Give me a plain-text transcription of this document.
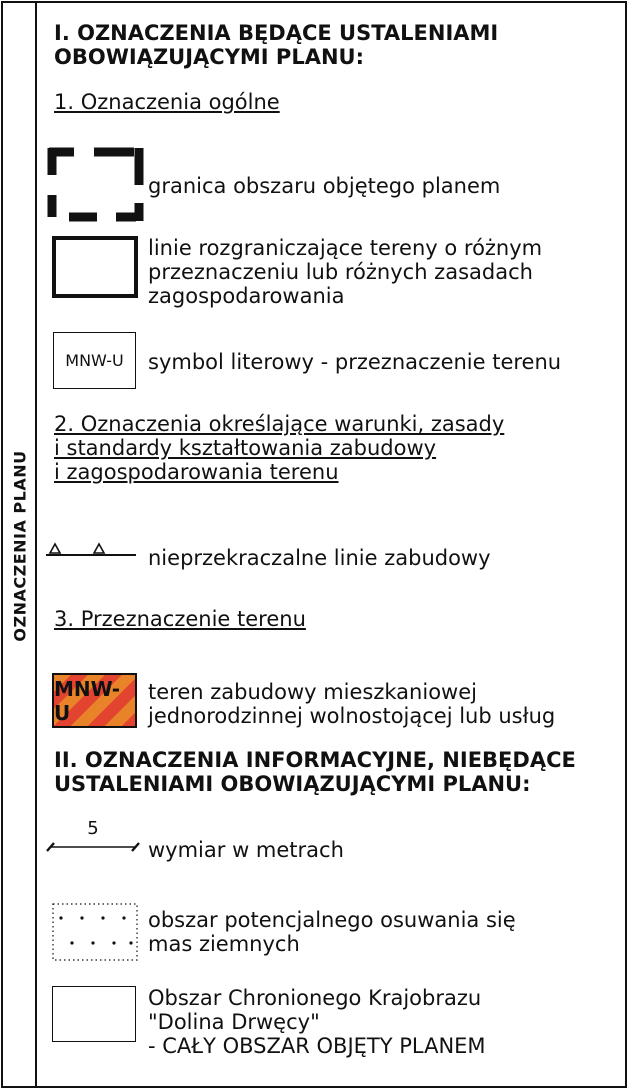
OZNACZENIA PLANU
I. OZNACZENIA BĘDĄCE USTALENIAMI
OBOWIĄZUJĄCYMI PLANU:
1. Oznaczenia ogólne
granica obszaru objętego planem
linie rozgraniczające tereny o różnym
przeznaczeniu lub różnych zasadach
zagospodarowania
MNW-U symbol literowy - przeznaczenie terenu
2. Oznaczenia określające warunki, zasady
i standardy kształtowania zabudowy
i zagospodarowania terenu
nieprzekraczalne linie zabudowy
3. Przeznaczenie terenu
MNW-U
teren zabudowy mieszkaniowej
jednorodzinnej wolnostojącej lub usług
II. OZNACZENIA INFORMACYJNE, NIEBĘDĄCE
USTALENIAMI OBOWIĄZUJĄCYMI PLANU:
5
wymiar w metrach
obszar potencjalnego osuwania się
mas ziemnych
Obszar Chronionego Krajobrazu
"Dolina Drwęcy"
- CAŁY OBSZAR OBJĘTY PLANEM
